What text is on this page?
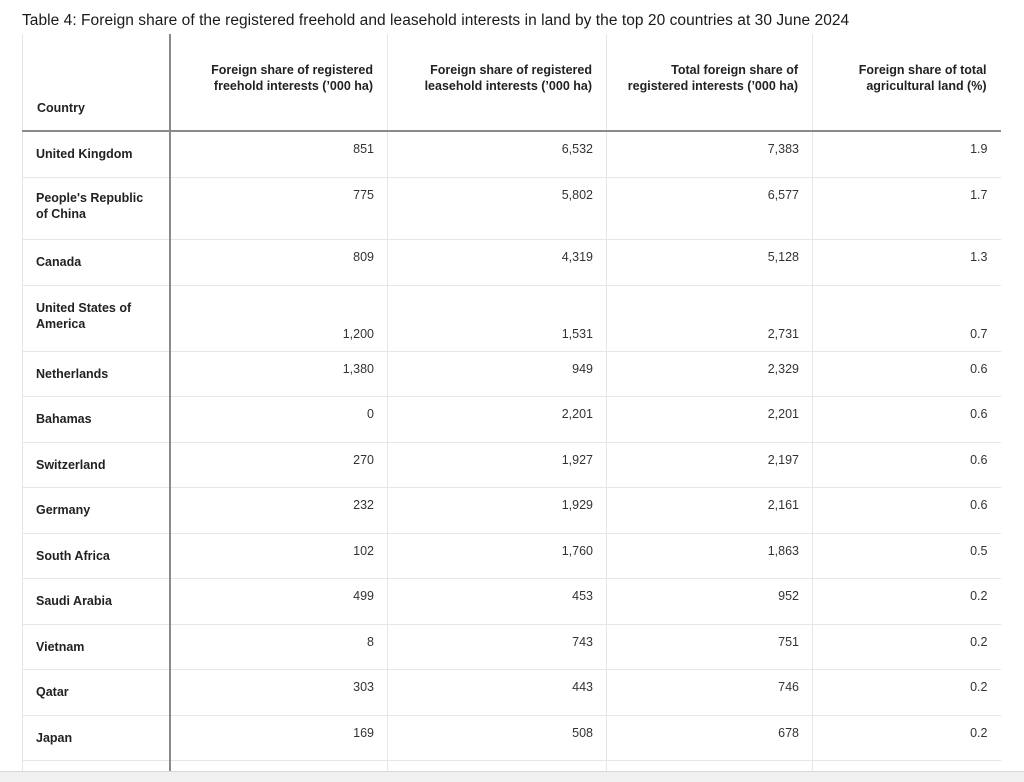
Table 4: Foreign share of the registered freehold and leasehold interests in land by the top 20 countries at 30 June 2024
Country	Foreign share of registered freehold interests (’000 ha)	Foreign share of registered leasehold interests (’000 ha)	Total foreign share of registered interests (’000 ha)	Foreign share of total agricultural land (%)
United Kingdom	851	6,532	7,383	1.9
People's Republic of China	775	5,802	6,577	1.7
Canada	809	4,319	5,128	1.3
United States of America	1,200	1,531	2,731	0.7
Netherlands	1,380	949	2,329	0.6
Bahamas	0	2,201	2,201	0.6
Switzerland	270	1,927	2,197	0.6
Germany	232	1,929	2,161	0.6
South Africa	102	1,760	1,863	0.5
Saudi Arabia	499	453	952	0.2
Vietnam	8	743	751	0.2
Qatar	303	443	746	0.2
Japan	169	508	678	0.2
